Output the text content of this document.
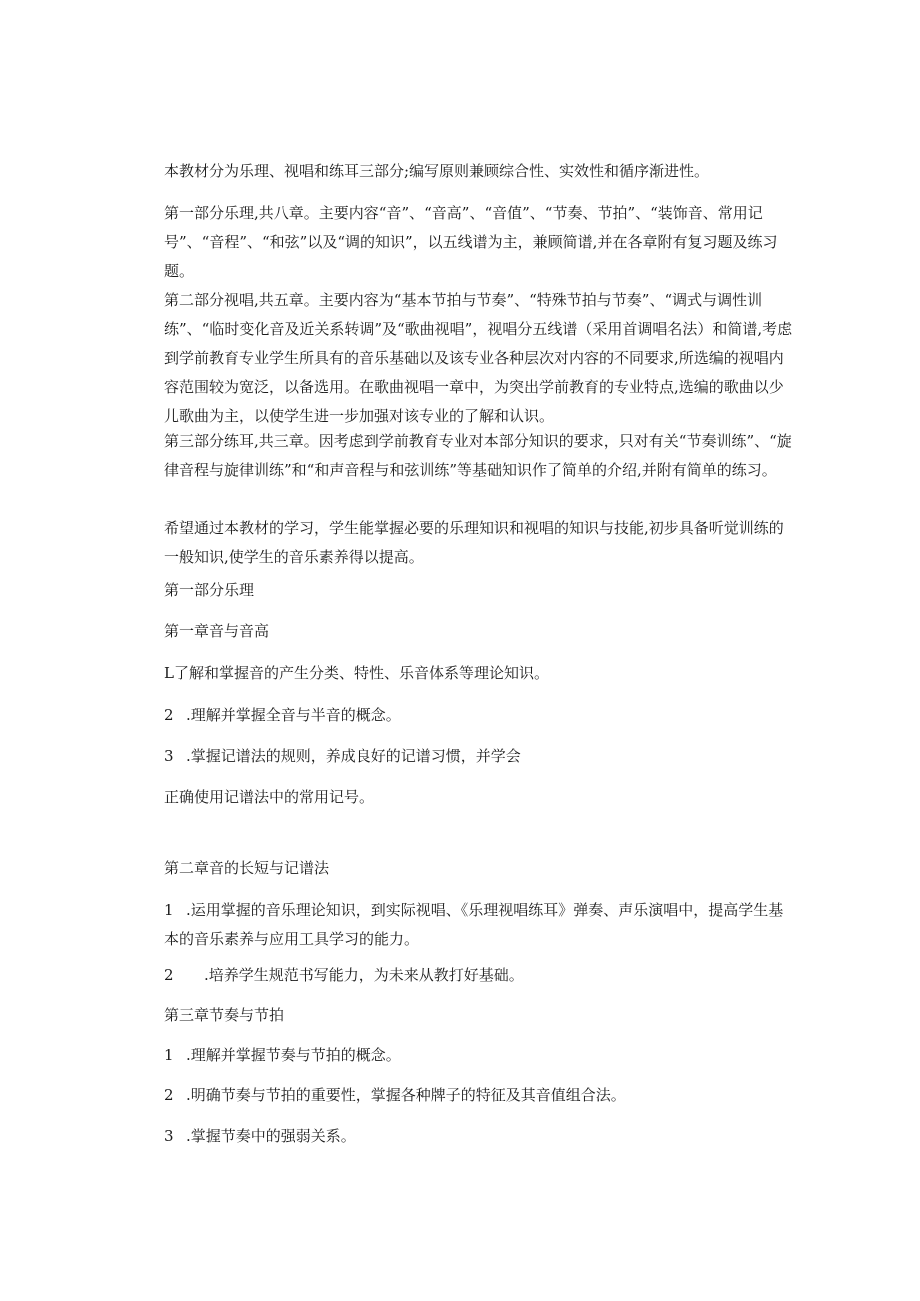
本教材分为乐理、视唱和练耳三部分;编写原则兼顾综合性、实效性和循序渐进性。

第一部分乐理,共八章。主要内容“音”、“音高”、“音值”、“节奏、节拍”、“装饰音、常用记号”、“音程”、“和弦”以及“调的知识”，以五线谱为主，兼顾简谱,并在各章附有复习题及练习题。

第二部分视唱,共五章。主要内容为“基本节拍与节奏”、“特殊节拍与节奏”、“调式与调性训练”、“临时变化音及近关系转调”及“歌曲视唱”，视唱分五线谱（采用首调唱名法）和简谱,考虑到学前教育专业学生所具有的音乐基础以及该专业各种层次对内容的不同要求,所选编的视唱内容范围较为宽泛，以备选用。在歌曲视唱一章中，为突出学前教育的专业特点,选编的歌曲以少儿歌曲为主，以使学生进一步加强对该专业的了解和认识。

第三部分练耳,共三章。因考虑到学前教育专业对本部分知识的要求，只对有关“节奏训练”、“旋律音程与旋律训练”和“和声音程与和弦训练”等基础知识作了简单的介绍,并附有简单的练习。

希望通过本教材的学习，学生能掌握必要的乐理知识和视唱的知识与技能,初步具备听觉训练的一般知识,使学生的音乐素养得以提高。

第一部分乐理

第一章音与音高

L了解和掌握音的产生分类、特性、乐音体系等理论知识。

2 .理解并掌握全音与半音的概念。

3 .掌握记谱法的规则，养成良好的记谱习惯，并学会

正确使用记谱法中的常用记号。

第二章音的长短与记谱法

1 .运用掌握的音乐理论知识，到实际视唱、《乐理视唱练耳》弹奏、声乐演唱中，提高学生基本的音乐素养与应用工具学习的能力。

2 .培养学生规范书写能力，为未来从教打好基础。

第三章节奏与节拍

1 .理解并掌握节奏与节拍的概念。

2 .明确节奏与节拍的重要性，掌握各种牌子的特征及其音值组合法。

3 .掌握节奏中的强弱关系。
